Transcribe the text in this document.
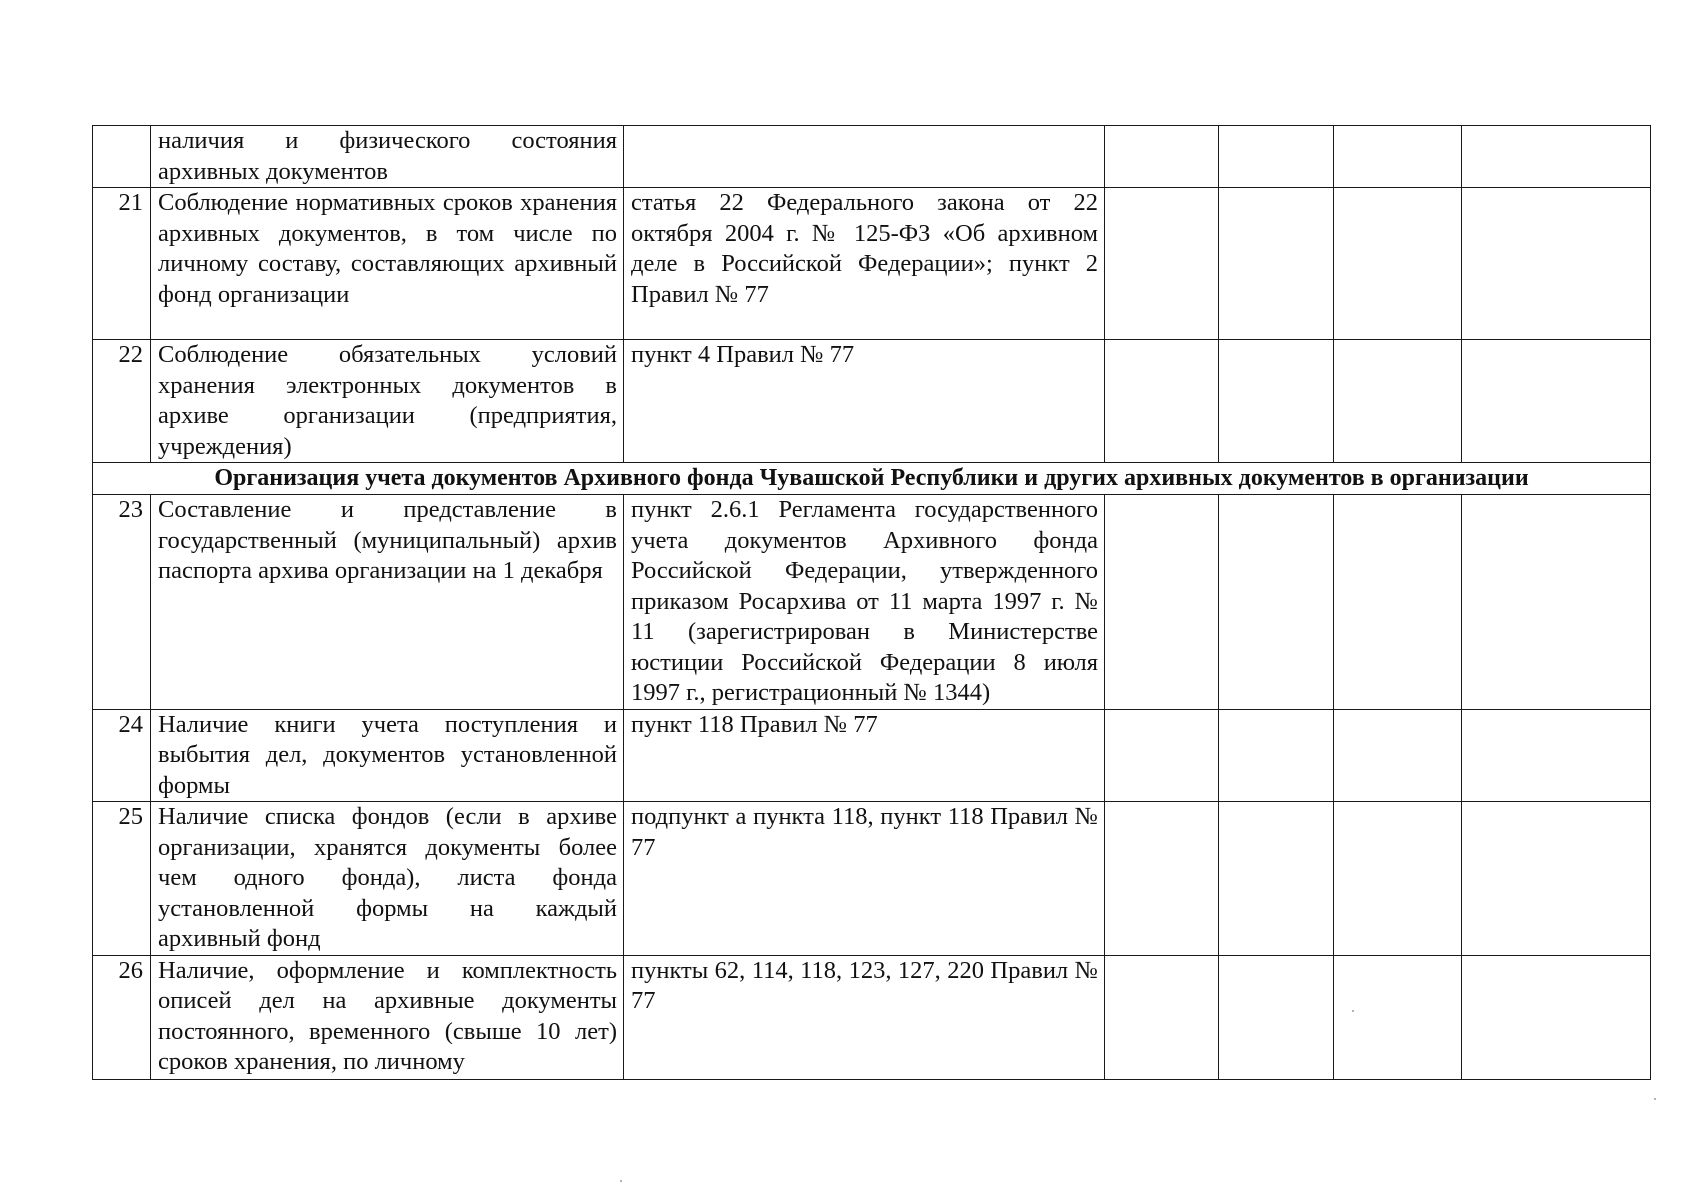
	наличия и физического состояния архивных документов					
21	Соблюдение нормативных сроков хранения архивных документов, в том числе по личному составу, составляющих архивный фонд организации	статья 22 Федерального закона от 22 октября 2004 г. № 125-ФЗ «Об архивном деле в Российской Федерации»; пункт 2 Правил № 77				
22	Соблюдение обязательных условий хранения электронных документов в архиве организации (предприятия, учреждения)	пункт 4 Правил № 77				
Организация учета документов Архивного фонда Чувашской Республики и других архивных документов в организации						
23	Составление и представление в государственный (муниципальный) архив паспорта архива организации на 1 декабря	пункт 2.6.1 Регламента государственного учета документов Архивного фонда Российской Федерации, утвержденного приказом Росархива от 11 марта 1997 г. № 11 (зарегистрирован в Министерстве юстиции Российской Федерации 8 июля 1997 г., регистрационный № 1344)				
24	Наличие книги учета поступления и выбытия дел, документов установленной формы	пункт 118 Правил № 77				
25	Наличие списка фондов (если в архиве организации, хранятся документы более чем одного фонда), листа фонда установленной формы на каждый архивный фонд	подпункт а пункта 118, пункт 118 Правил № 77				
26	Наличие, оформление и комплектность описей дел на архивные документы постоянного, временного (свыше 10 лет) сроков хранения, по личному	пункты 62, 114, 118, 123, 127, 220 Правил № 77				
